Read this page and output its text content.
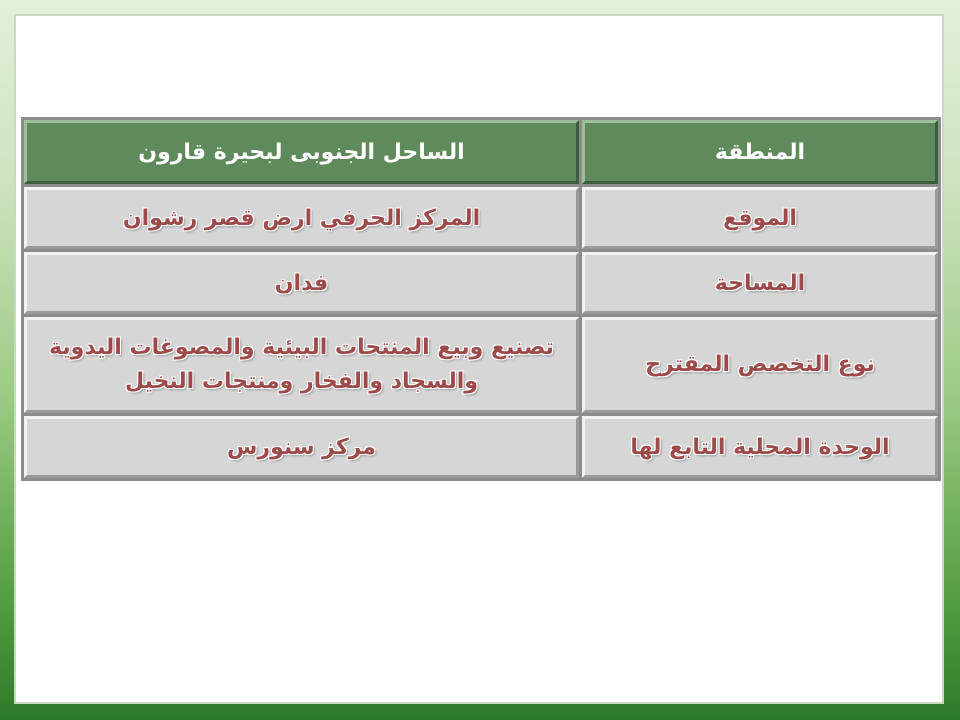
المنطقة	الساحل الجنوبى لبحيرة قارون
الموقع	المركز الحرفي ارض قصر رشوان
المساحة	فدان
نوع التخصص المقترح	تصنيع وبيع المنتحات البيئية والمصوغات اليدوية والسجاد والفخار ومنتجات النخيل
الوحدة المحلية التابع لها	مركز سنورس
